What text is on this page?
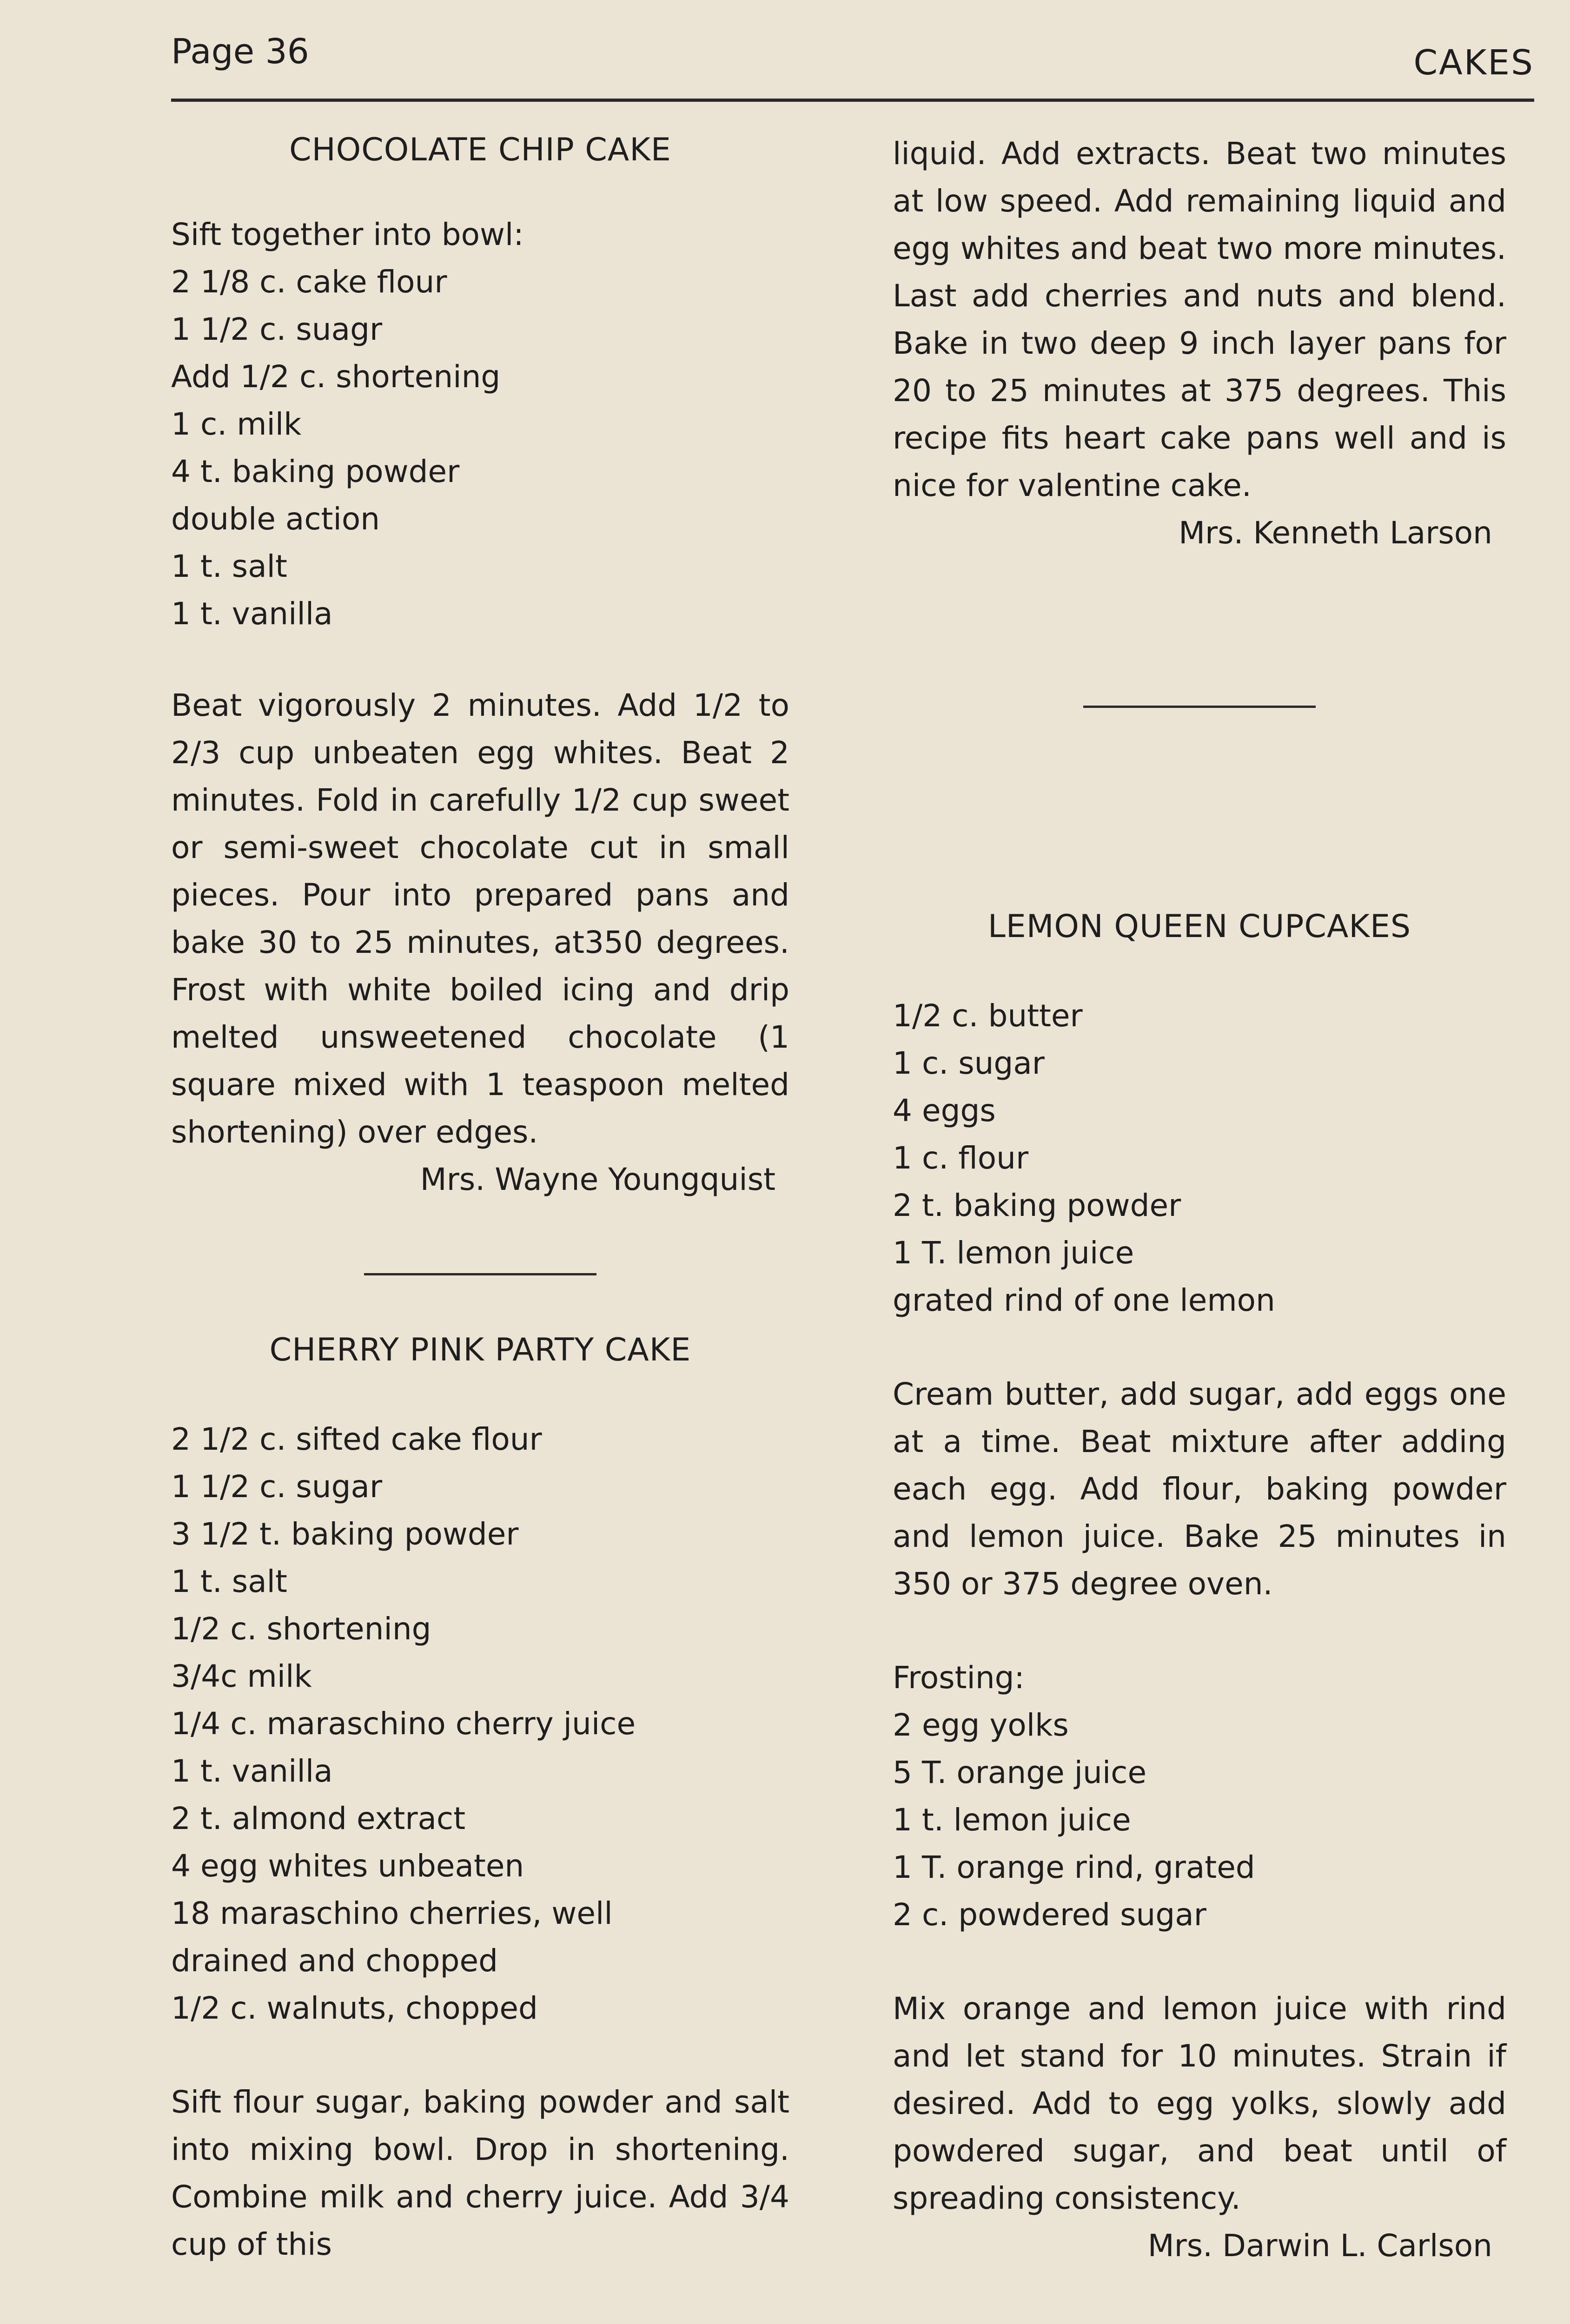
Page 36	CAKES
CHOCOLATE CHIP CAKE

Sift together into bowl:

2 1/8 c. cake flour
1 1/2 c. suagr
Add 1/2 c. shortening
1 c. milk
4 t. baking powder
double action
1 t. salt
1 t. vanilla

Beat vigorously 2 minutes. Add 1/2 to 2/3 cup unbeaten egg whites. Beat 2 minutes. Fold in carefully 1/2 cup sweet or semi-sweet chocolate cut in small pieces. Pour into prepared pans and bake 30 to 25 minutes, at350 degrees. Frost with white boiled icing and drip melted unsweetened chocolate (1 square mixed with 1 teaspoon melted shortening) over edges.

Mrs. Wayne Youngquist

CHERRY PINK PARTY CAKE
2 1/2 c. sifted cake flour
1 1/2 c. sugar
3 1/2 t. baking powder
1 t. salt
1/2 c. shortening
3/4c milk
1/4 c. maraschino cherry juice
1 t. vanilla
2 t. almond extract
4 egg whites unbeaten
18 maraschino cherries, well
drained and chopped
1/2 c. walnuts, chopped

Sift flour sugar, baking powder and salt into mixing bowl. Drop in shortening. Combine milk and cherry juice. Add 3/4 cup of this

liquid. Add extracts. Beat two minutes at low speed. Add remaining liquid and egg whites and beat two more minutes. Last add cherries and nuts and blend. Bake in two deep 9 inch layer pans for 20 to 25 minutes at 375 degrees. This recipe fits heart cake pans well and is nice for valentine cake.

Mrs. Kenneth Larson

LEMON QUEEN CUPCAKES
1/2 c. butter
1 c. sugar
4 eggs
1 c. flour
2 t. baking powder
1 T. lemon juice
grated rind of one lemon

Cream butter, add sugar, add eggs one at a time. Beat mixture after adding each egg. Add flour, baking powder and lemon juice. Bake 25 minutes in 350 or 375 degree oven.

Frosting:

2 egg yolks
5 T. orange juice
1 t. lemon juice
1 T. orange rind, grated
2 c. powdered sugar

Mix orange and lemon juice with rind and let stand for 10 minutes. Strain if desired. Add to egg yolks, slowly add powdered sugar, and beat until of spreading consistency.

Mrs. Darwin L. Carlson
